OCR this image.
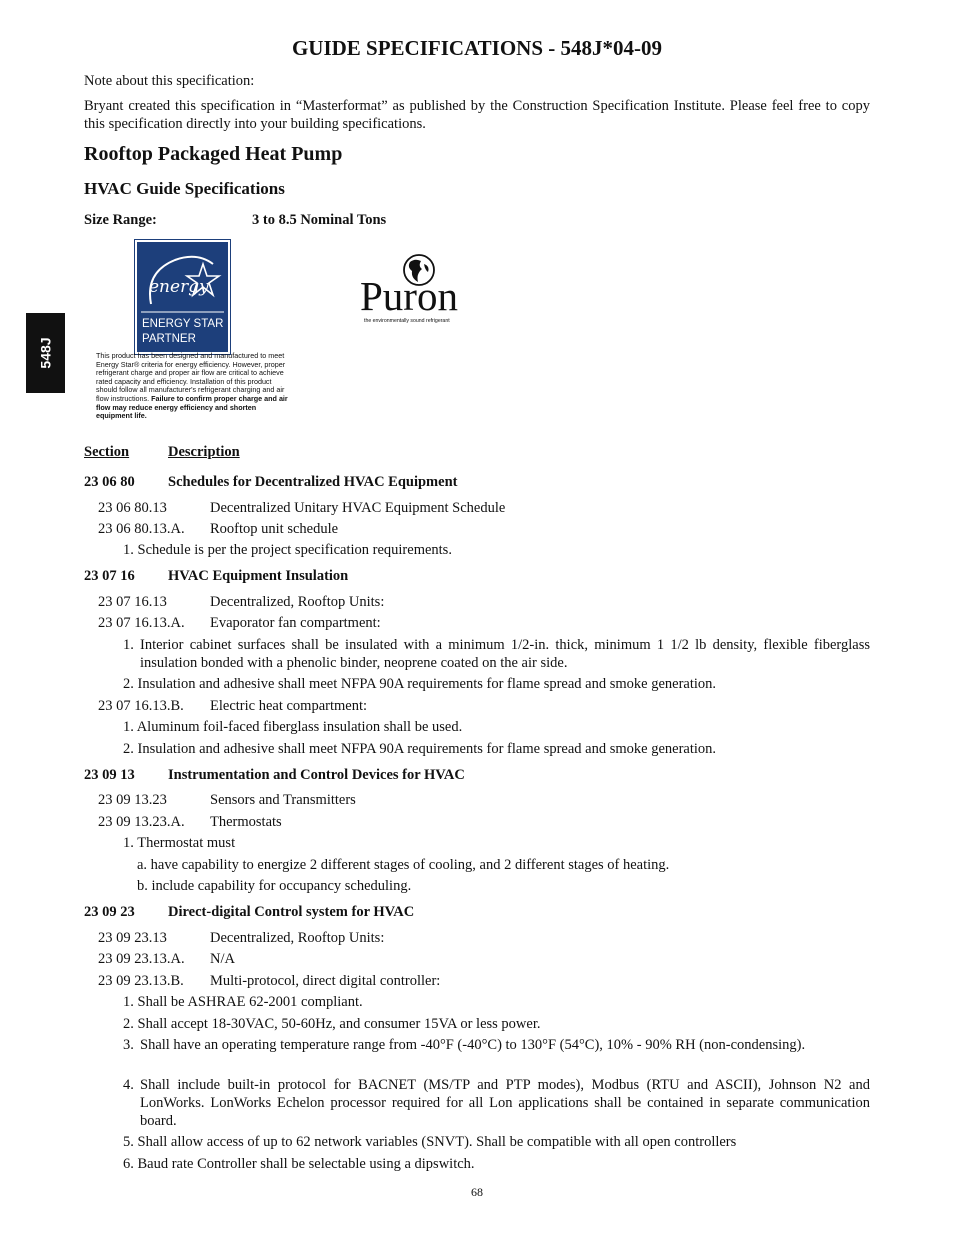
GUIDE SPECIFICATIONS - 548J*04-09
Note about this specification:
Bryant created this specification in “Masterformat” as published by the Construction Specification Institute. Please feel free to copy this specification directly into your building specifications.
Rooftop Packaged Heat Pump
HVAC Guide Specifications
Size Range:	3 to 8.5 Nominal Tons
548J
energy
ENERGY STAR
PARTNER
This product has been designed and manufactured to meet Energy Star® criteria for energy efficiency. However, proper refrigerant charge and proper air flow are critical to achieve rated capacity and efficiency. Installation of this product should follow all manufacturer's refrigerant charging and air flow instructions. Failure to confirm proper charge and air flow may reduce energy efficiency and shorten equipment life.
Puron
the environmentally sound refrigerant
Section	Description
23 06 80 Schedules for Decentralized HVAC Equipment
23 06 80.13	Decentralized Unitary HVAC Equipment Schedule
23 06 80.13.A. Rooftop unit schedule
1. Schedule is per the project specification requirements.
23 07 16 HVAC Equipment Insulation
23 07 16.13	Decentralized, Rooftop Units:
23 07 16.13.A. Evaporator fan compartment:
1. Interior cabinet surfaces shall be insulated with a minimum 1/2-in. thick, minimum 1 1/2 lb density, flexible fiberglass insulation bonded with a phenolic binder, neoprene coated on the air side.
2. Insulation and adhesive shall meet NFPA 90A requirements for flame spread and smoke generation.
23 07 16.13.B. Electric heat compartment:
1. Aluminum foil-faced fiberglass insulation shall be used.
2. Insulation and adhesive shall meet NFPA 90A requirements for flame spread and smoke generation.
23 09 13 Instrumentation and Control Devices for HVAC
23 09 13.23	Sensors and Transmitters
23 09 13.23.A. Thermostats
1. Thermostat must
a. have capability to energize 2 different stages of cooling, and 2 different stages of heating.
b. include capability for occupancy scheduling.
23 09 23 Direct-digital Control system for HVAC
23 09 23.13	Decentralized, Rooftop Units:
23 09 23.13.A. N/A
23 09 23.13.B. Multi-protocol, direct digital controller:
1. Shall be ASHRAE 62-2001 compliant.
2. Shall accept 18-30VAC, 50-60Hz, and consumer 15VA or less power.
3. Shall have an operating temperature range from -40°F (-40°C) to 130°F (54°C), 10% - 90% RH (non-condensing).
4. Shall include built-in protocol for BACNET (MS/TP and PTP modes), Modbus (RTU and ASCII), Johnson N2 and LonWorks. LonWorks Echelon processor required for all Lon applications shall be contained in separate communication board.
5. Shall allow access of up to 62 network variables (SNVT). Shall be compatible with all open controllers
6. Baud rate Controller shall be selectable using a dipswitch.
68
